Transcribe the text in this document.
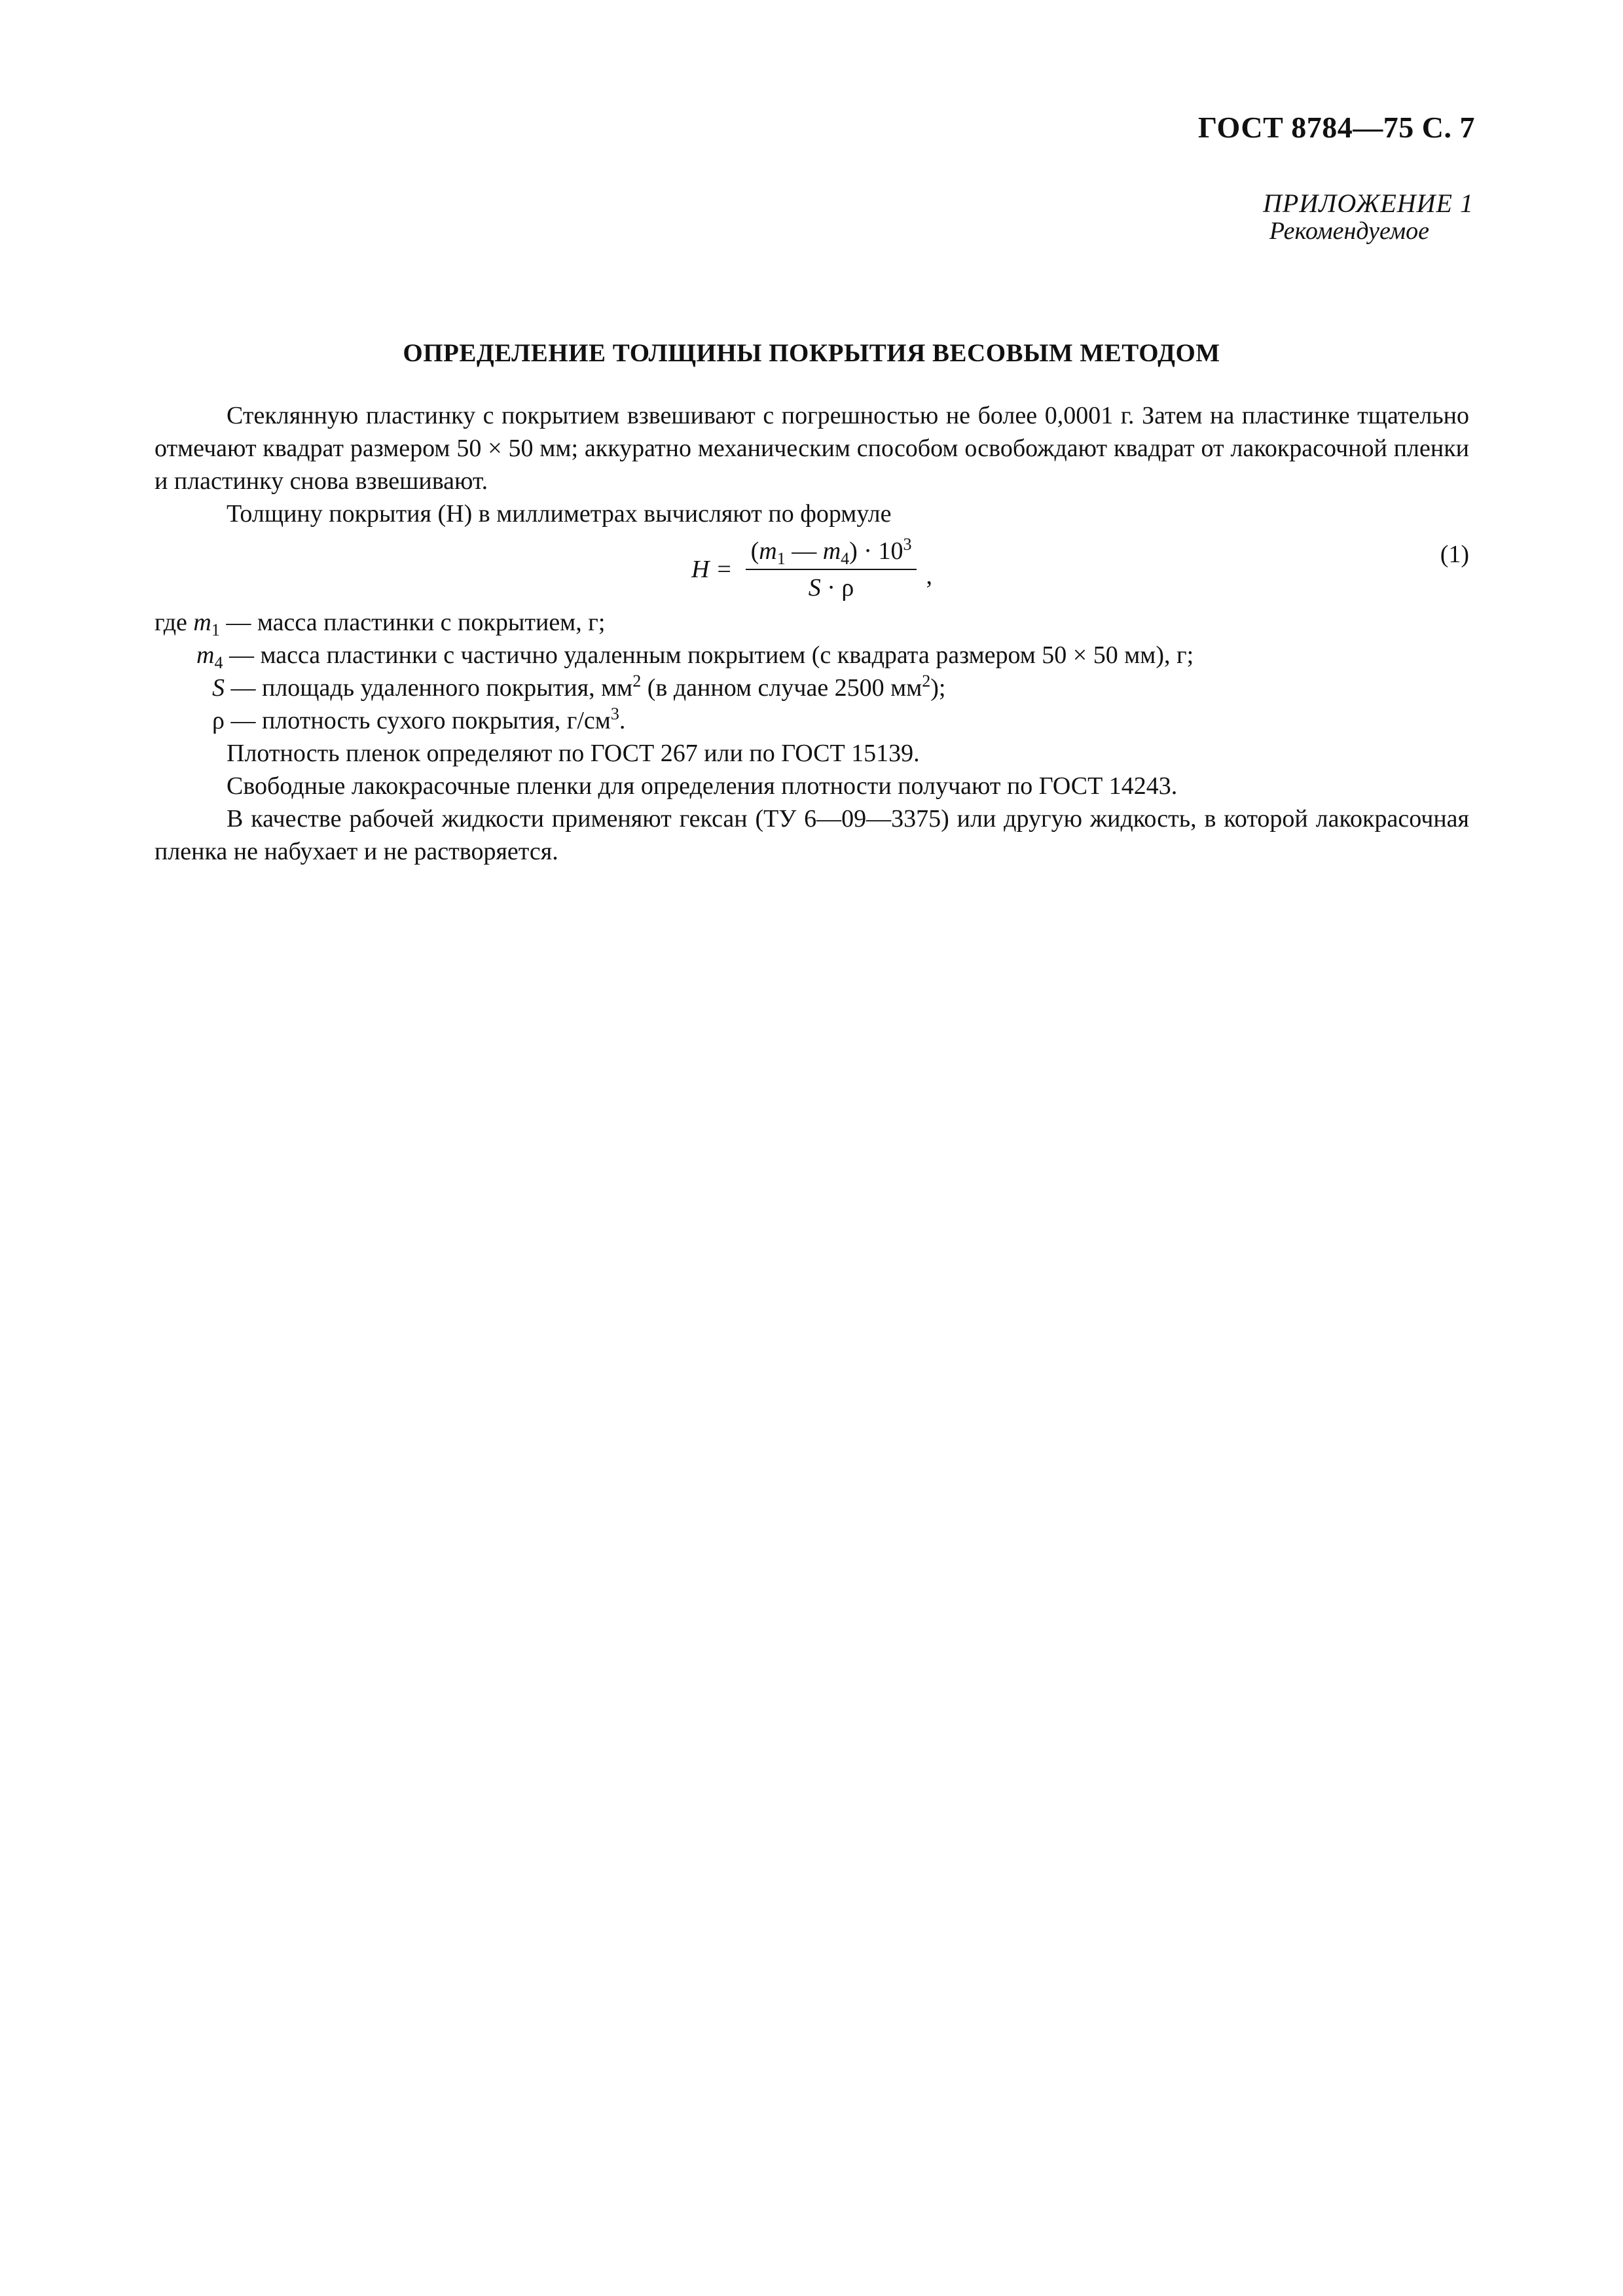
ГОСТ 8784—75 С. 7
ПРИЛОЖЕНИЕ 1
Рекомендуемое
ОПРЕДЕЛЕНИЕ ТОЛЩИНЫ ПОКРЫТИЯ ВЕСОВЫМ МЕТОДОМ

Стеклянную пластинку с покрытием взвешивают с погрешностью не более 0,0001 г. Затем на пластинке тщательно отмечают квадрат размером 50 × 50 мм; аккуратно механическим способом освобождают квадрат от лакокрасочной пленки и пластинку снова взвешивают.

Толщину покрытия (H) в миллиметрах вычисляют по формуле

$H = \frac{(m_1 — m_4) \cdot 10^3}{S \cdot \rho}$ ,
(1)

где $m_1$ — масса пластинки с покрытием, г;

$m_4$ — масса пластинки с частично удаленным покрытием (с квадрата размером 50 × 50 мм), г;

S — площадь удаленного покрытия, $мм^2$ (в данном случае 2500 $мм^2$);

ρ — плотность сухого покрытия, $г/см^3$.

Плотность пленок определяют по ГОСТ 267 или по ГОСТ 15139.

Свободные лакокрасочные пленки для определения плотности получают по ГОСТ 14243.

В качестве рабочей жидкости применяют гексан (ТУ 6—09—3375) или другую жидкость, в которой лакокрасочная пленка не набухает и не растворяется.
